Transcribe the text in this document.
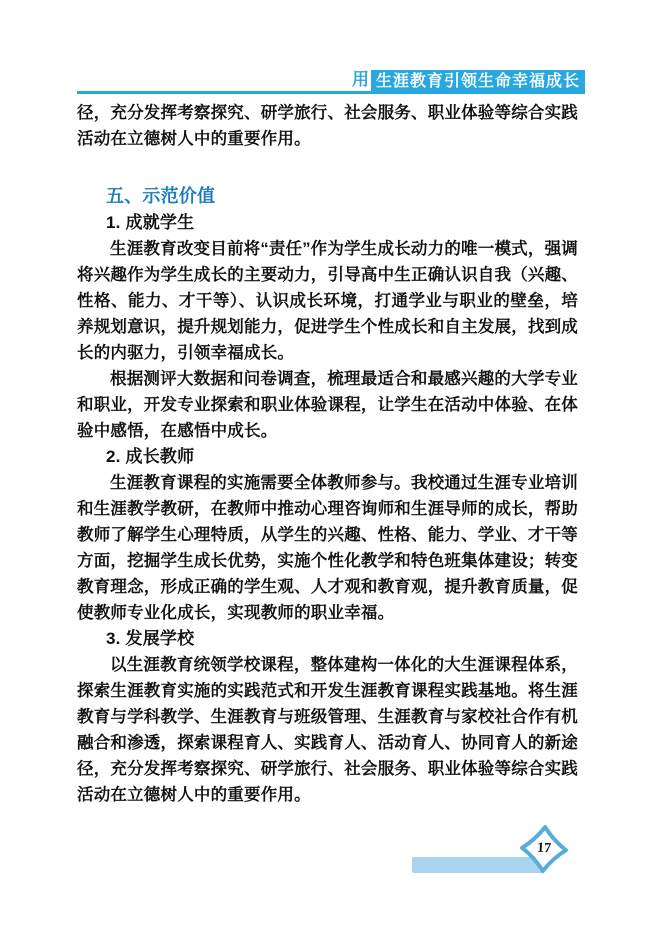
用 生涯教育引领生命幸福成长

径，充分发挥考察探究、研学旅行、社会服务、职业体验等综合实践活动在立德树人中的重要作用。

五、示范价值
1. 成就学生

生涯教育改变目前将“责任”作为学生成长动力的唯一模式，强调将兴趣作为学生成长的主要动力，引导高中生正确认识自我（兴趣、性格、能力、才干等）、认识成长环境，打通学业与职业的壁垒，培养规划意识，提升规划能力，促进学生个性成长和自主发展，找到成长的内驱力，引领幸福成长。

根据测评大数据和问卷调查，梳理最适合和最感兴趣的大学专业和职业，开发专业探索和职业体验课程，让学生在活动中体验、在体验中感悟，在感悟中成长。

2. 成长教师

生涯教育课程的实施需要全体教师参与。我校通过生涯专业培训和生涯教学教研，在教师中推动心理咨询师和生涯导师的成长，帮助教师了解学生心理特质，从学生的兴趣、性格、能力、学业、才干等方面，挖掘学生成长优势，实施个性化教学和特色班集体建设；转变教育理念，形成正确的学生观、人才观和教育观，提升教育质量，促使教师专业化成长，实现教师的职业幸福。

3. 发展学校

以生涯教育统领学校课程，整体建构一体化的大生涯课程体系，探索生涯教育实施的实践范式和开发生涯教育课程实践基地。将生涯教育与学科教学、生涯教育与班级管理、生涯教育与家校社合作有机融合和渗透，探索课程育人、实践育人、活动育人、协同育人的新途径，充分发挥考察探究、研学旅行、社会服务、职业体验等综合实践活动在立德树人中的重要作用。

17
